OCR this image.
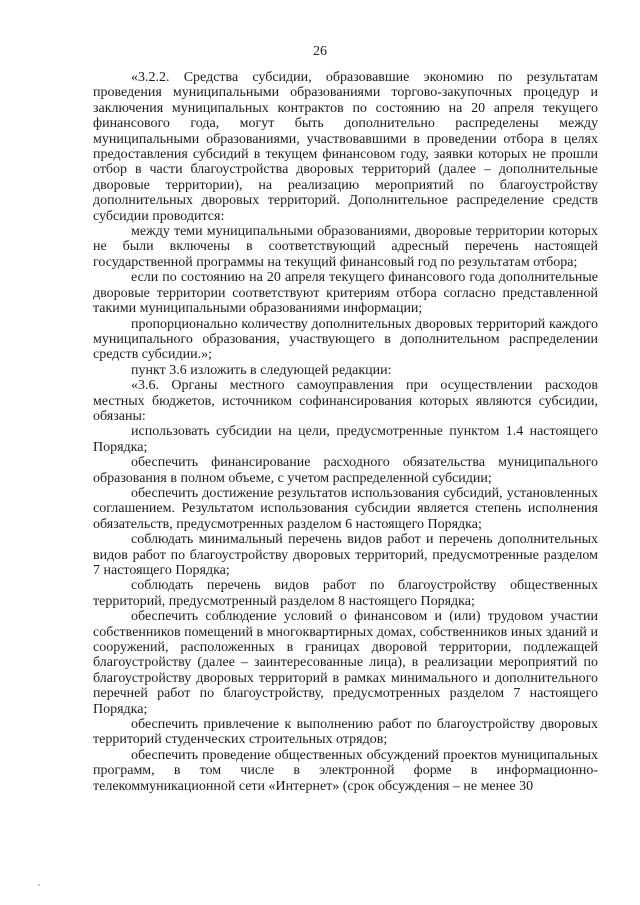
26

«3.2.2. Средства субсидии, образовавшие экономию по результатам проведения муниципальными образованиями торгово-закупочных процедур и заключения муниципальных контрактов по состоянию на 20 апреля текущего финансового года, могут быть дополнительно распределены между муниципальными образованиями, участвовавшими в проведении отбора в целях предоставления субсидий в текущем финансовом году, заявки которых не прошли отбор в части благоустройства дворовых территорий (далее – дополнительные дворовые территории), на реализацию мероприятий по благоустройству дополнительных дворовых территорий. Дополнительное распределение средств субсидии проводится:

между теми муниципальными образованиями, дворовые территории которых не были включены в соответствующий адресный перечень настоящей государственной программы на текущий финансовый год по результатам отбора;

если по состоянию на 20 апреля текущего финансового года дополнительные дворовые территории соответствуют критериям отбора согласно представленной такими муниципальными образованиями информации;

пропорционально количеству дополнительных дворовых территорий каждого муниципального образования, участвующего в дополнительном распределении средств субсидии.»;

пункт 3.6 изложить в следующей редакции:

«3.6. Органы местного самоуправления при осуществлении расходов местных бюджетов, источником софинансирования которых являются субсидии, обязаны:

использовать субсидии на цели, предусмотренные пунктом 1.4 настоящего Порядка;

обеспечить финансирование расходного обязательства муниципального образования в полном объеме, с учетом распределенной субсидии;

обеспечить достижение результатов использования субсидий, установленных соглашением. Результатом использования субсидии является степень исполнения обязательств, предусмотренных разделом 6 настоящего Порядка;

соблюдать минимальный перечень видов работ и перечень дополнительных видов работ по благоустройству дворовых территорий, предусмотренные разделом 7 настоящего Порядка;

соблюдать перечень видов работ по благоустройству общественных территорий, предусмотренный разделом 8 настоящего Порядка;

обеспечить соблюдение условий о финансовом и (или) трудовом участии собственников помещений в многоквартирных домах, собственников иных зданий и сооружений, расположенных в границах дворовой территории, подлежащей благоустройству (далее – заинтересованные лица), в реализации мероприятий по благоустройству дворовых территорий в рамках минимального и дополнительного перечней работ по благоустройству, предусмотренных разделом 7 настоящего Порядка;

обеспечить привлечение к выполнению работ по благоустройству дворовых территорий студенческих строительных отрядов;

обеспечить проведение общественных обсуждений проектов муниципальных программ, в том числе в электронной форме в информационно-телекоммуникационной сети «Интернет» (срок обсуждения – не менее 30
